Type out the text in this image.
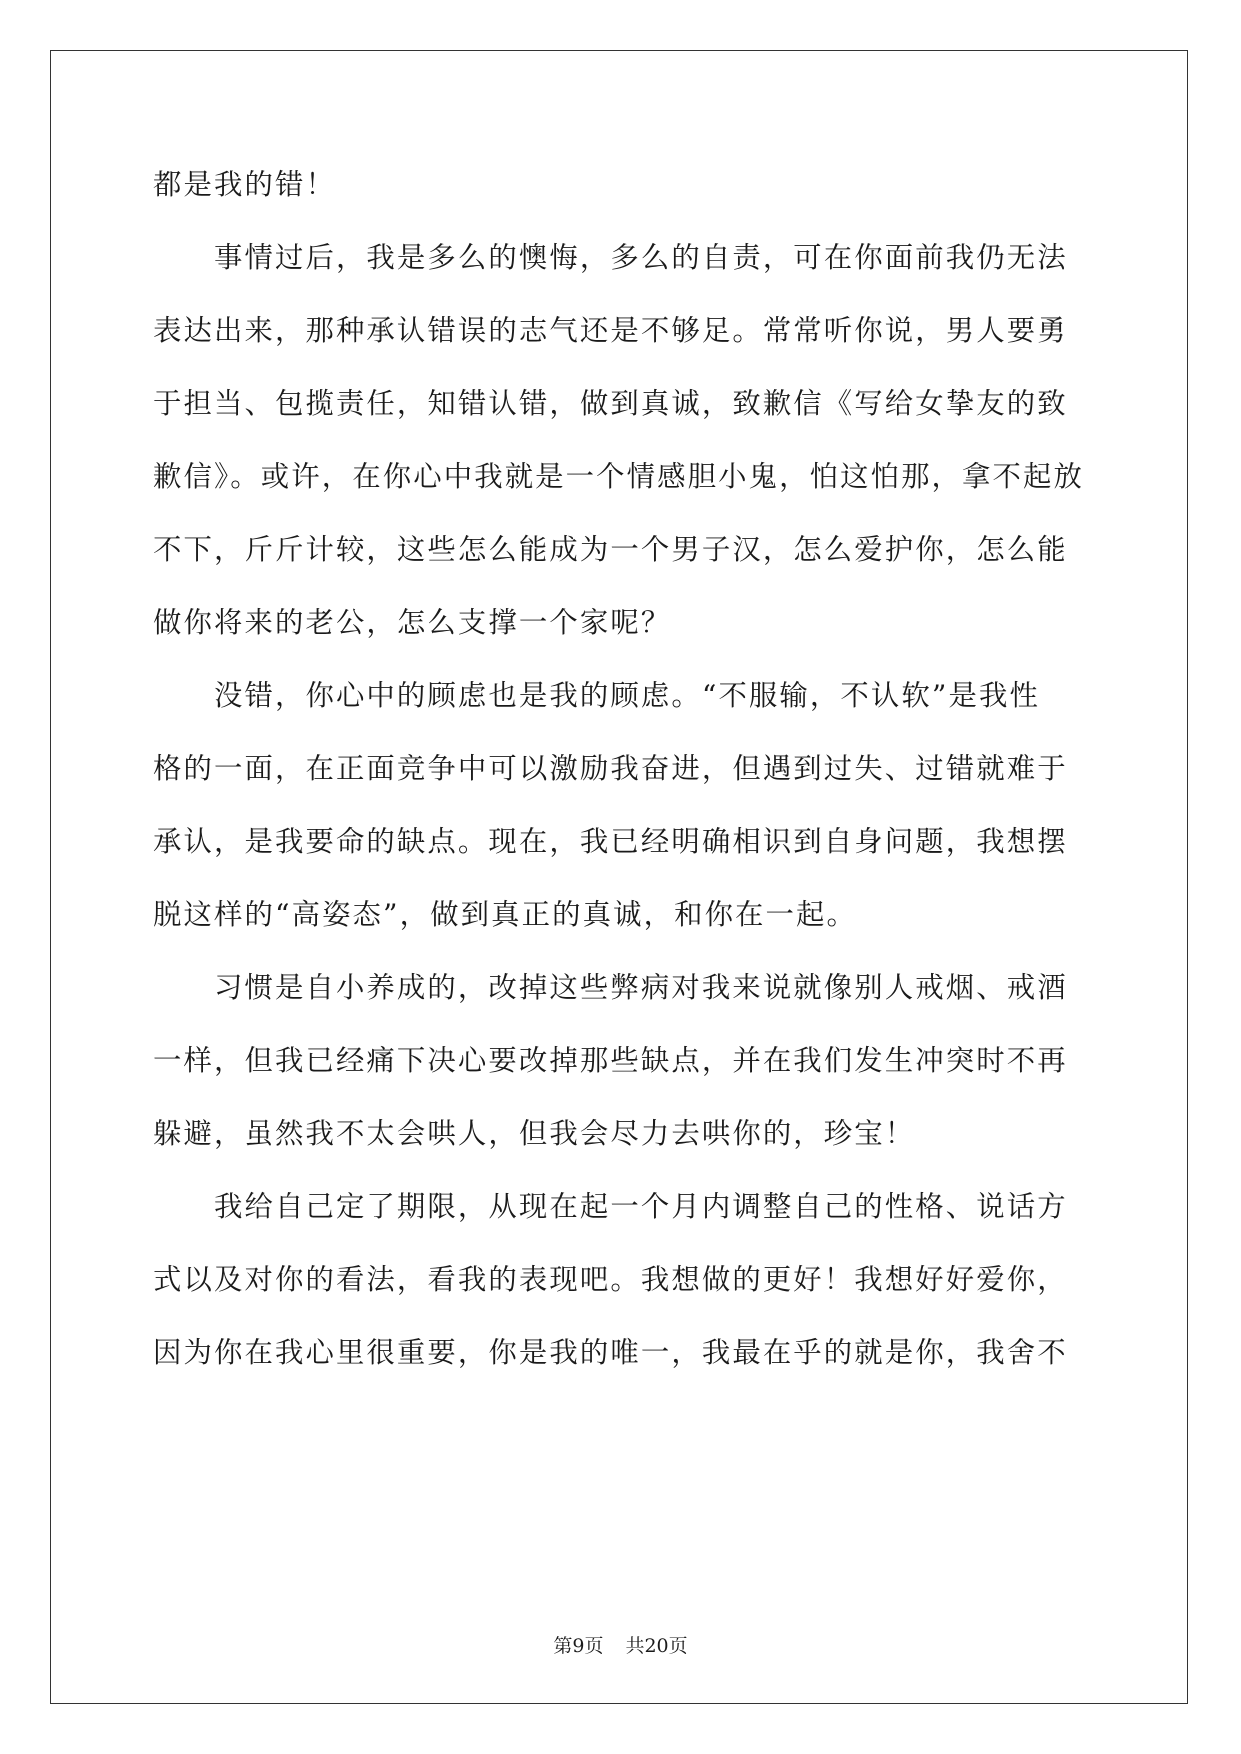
都是我的错！
　　事情过后，我是多么的懊悔，多么的自责，可在你面前我仍无法
表达出来，那种承认错误的志气还是不够足。常常听你说，男人要勇
于担当、包揽责任，知错认错，做到真诚，致歉信《写给女挚友的致
歉信》。或许，在你心中我就是一个情感胆小鬼，怕这怕那，拿不起放
不下，斤斤计较，这些怎么能成为一个男子汉，怎么爱护你，怎么能
做你将来的老公，怎么支撑一个家呢？
　　没错，你心中的顾虑也是我的顾虑。“不服输，不认软”是我性
格的一面，在正面竞争中可以激励我奋进，但遇到过失、过错就难于
承认，是我要命的缺点。现在，我已经明确相识到自身问题，我想摆
脱这样的“高姿态”，做到真正的真诚，和你在一起。
　　习惯是自小养成的，改掉这些弊病对我来说就像别人戒烟、戒酒
一样，但我已经痛下决心要改掉那些缺点，并在我们发生冲突时不再
躲避，虽然我不太会哄人，但我会尽力去哄你的，珍宝！
　　我给自己定了期限，从现在起一个月内调整自己的性格、说话方
式以及对你的看法，看我的表现吧。我想做的更好！我想好好爱你，
因为你在我心里很重要，你是我的唯一，我最在乎的就是你，我舍不
第9页 共20页
